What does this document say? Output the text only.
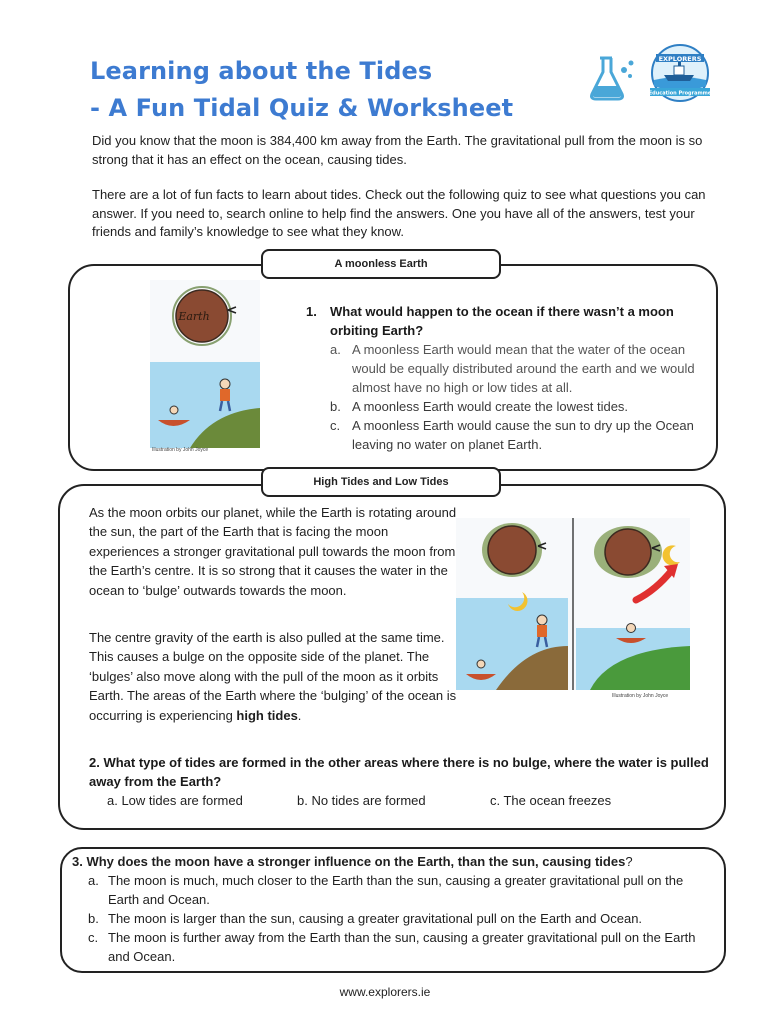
Learning about the Tides
- A Fun Tidal Quiz & Worksheet
EXPLORERS
Education Programme
Did you know that the moon is 384,400 km away from the Earth. The gravitational pull from the moon is so strong that it has an effect on the ocean, causing tides.
There are a lot of fun facts to learn about tides. Check out the following quiz to see what questions you can answer. If you need to, search online to help find the answers. One you have all of the answers, test your friends and family’s knowledge to see what they know.
A moonless Earth
Earth
Illustration by John Joyce
1.	What would happen to the ocean if there wasn’t a moon orbiting Earth?
a. A moonless Earth would mean that the water of the ocean would be equally distributed around the earth and we would almost have no high or low tides at all.
b. A moonless Earth would create the lowest tides.
c. A moonless Earth would cause the sun to dry up the Ocean leaving no water on planet Earth.
High Tides and Low Tides
As the moon orbits our planet, while the Earth is rotating around the sun, the part of the Earth that is facing the moon experiences a stronger gravitational pull towards the moon from the Earth’s centre. It is so strong that it causes the water in the ocean to ‘bulge’ outwards towards the moon.
The centre gravity of the earth is also pulled at the same time. This causes a bulge on the opposite side of the planet. The ‘bulges’ also move along with the pull of the moon as it orbits Earth. The areas of the Earth where the ‘bulging’ of the ocean is occurring is experiencing high tides.
Illustration by John Joyce
2. What type of tides are formed in the other areas where there is no bulge, where the water is pulled away from the Earth?
a. Low tides are formed	b. No tides are formed	c. The ocean freezes
3. Why does the moon have a stronger influence on the Earth, than the sun, causing tides?
a. The moon is much, much closer to the Earth than the sun, causing a greater gravitational pull on the Earth and Ocean.
b. The moon is larger than the sun, causing a greater gravitational pull on the Earth and Ocean.
c. The moon is further away from the Earth than the sun, causing a greater gravitational pull on the Earth and Ocean.
www.explorers.ie
